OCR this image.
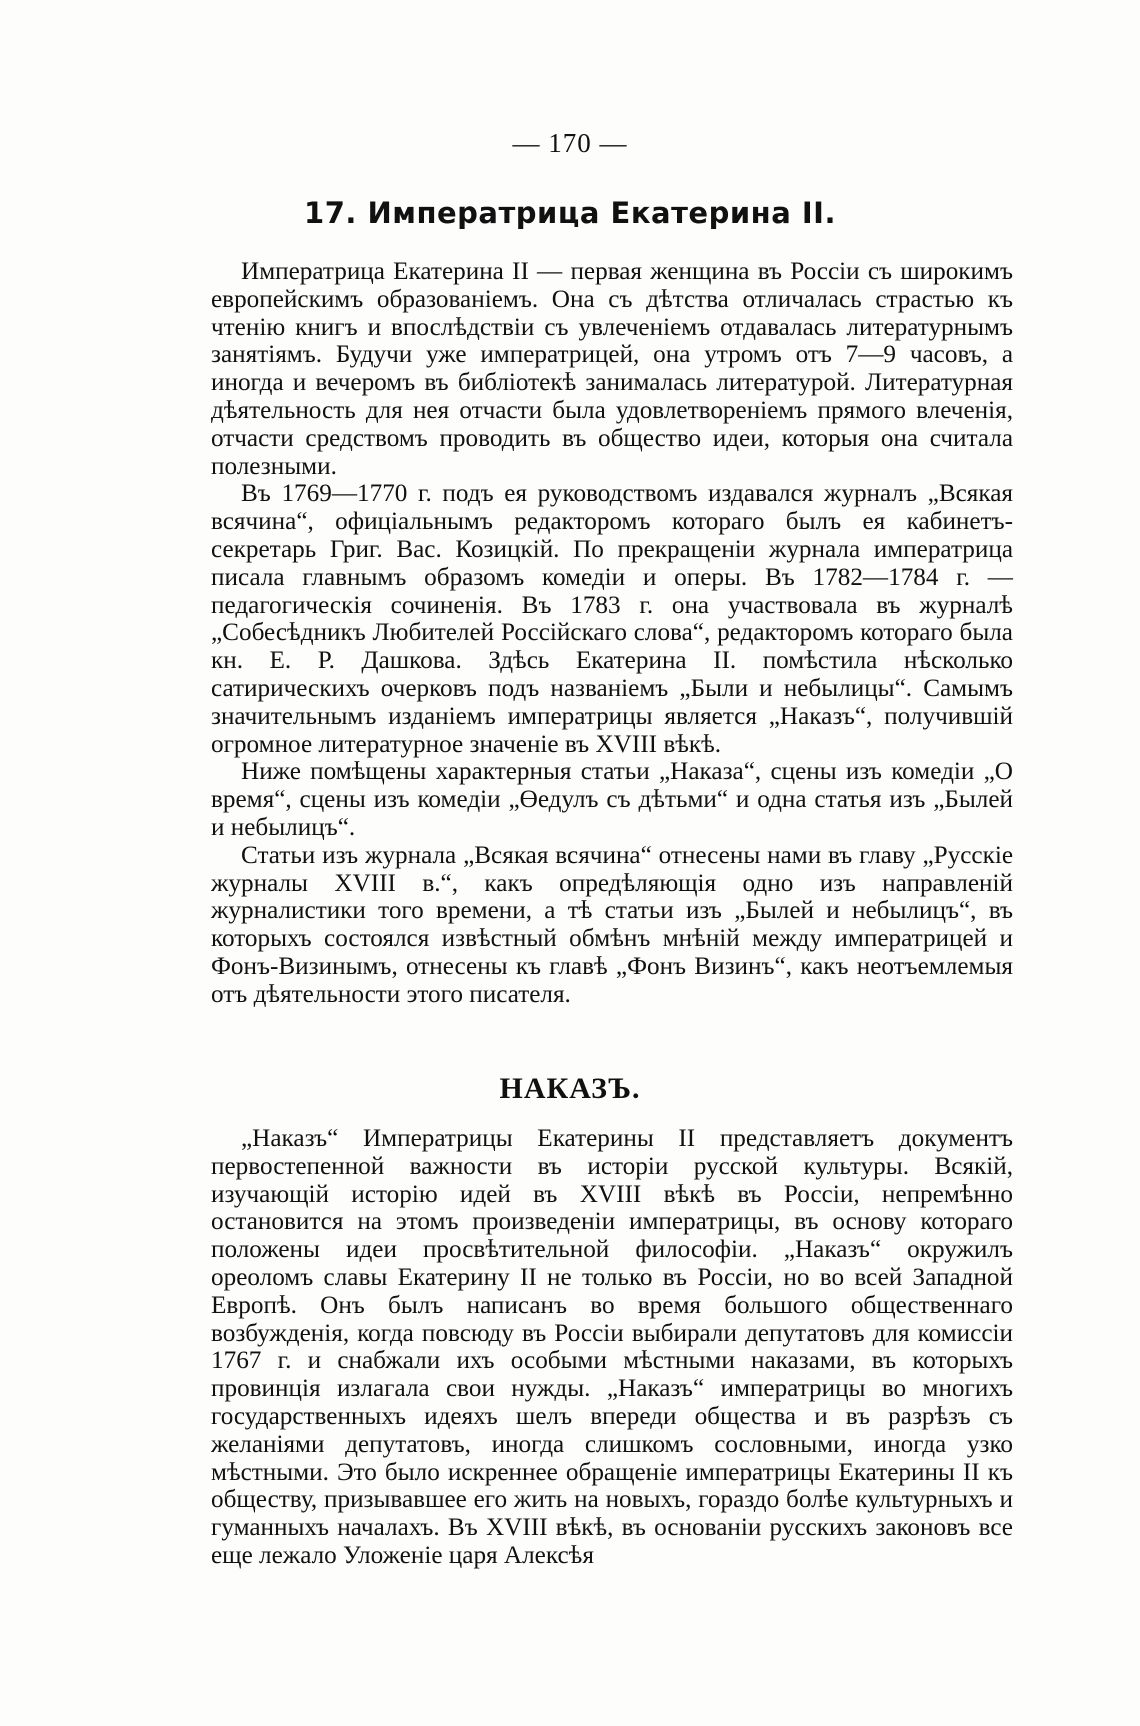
— 170 —
17. Императрица Екатерина II.

Императрица Екатерина II — первая женщина въ Россіи съ широкимъ европейскимъ образованіемъ. Она съ дѣтства отличалась страстью къ чтенію книгъ и впослѣдствіи съ увлеченіемъ отдавалась литературнымъ занятіямъ. Будучи уже императрицей, она утромъ отъ 7—9 часовъ, а иногда и вечеромъ въ библіотекѣ занималась литературой. Литературная дѣятельность для нея отчасти была удовлетвореніемъ прямого влеченія, отчасти средствомъ проводить въ общество идеи, которыя она считала полезными.

Въ 1769—1770 г. подъ ея руководствомъ издавался журналъ „Всякая всячина“, офиціальнымъ редакторомъ котораго былъ ея кабинетъ-секретарь Григ. Вас. Козицкій. По прекращеніи журнала императрица писала главнымъ образомъ комедіи и оперы. Въ 1782—1784 г. — педагогическія сочиненія. Въ 1783 г. она участвовала въ журналѣ „Собесѣдникъ Любителей Россійскаго слова“, редакторомъ котораго была кн. Е. Р. Дашкова. Здѣсь Екатерина II. помѣстила нѣсколько сатирическихъ очерковъ подъ названіемъ „Были и небылицы“. Самымъ значительнымъ изданіемъ императрицы является „Наказъ“, получившій огромное литературное значеніе въ XVIII вѣкѣ.

Ниже помѣщены характерныя статьи „Наказа“, сцены изъ комедіи „О время“, сцены изъ комедіи „Өедулъ съ дѣтьми“ и одна статья изъ „Былей и небылицъ“.

Статьи изъ журнала „Всякая всячина“ отнесены нами въ главу „Русскіе журналы XVIII в.“, какъ опредѣляющія одно изъ направленій журналистики того времени, а тѣ статьи изъ „Былей и небылицъ“, въ которыхъ состоялся извѣстный обмѣнъ мнѣній между императрицей и Фонъ-Визинымъ, отнесены къ главѣ „Фонъ Визинъ“, какъ неотъемлемыя отъ дѣятельности этого писателя.

НАКАЗЪ.

„Наказъ“ Императрицы Екатерины II представляетъ документъ первостепенной важности въ исторіи русской культуры. Всякій, изучающій исторію идей въ XVIII вѣкѣ въ Россіи, непремѣнно остановится на этомъ произведеніи императрицы, въ основу котораго положены идеи просвѣтительной философіи. „Наказъ“ окружилъ ореоломъ славы Екатерину II не только въ Россіи, но во всей Западной Европѣ. Онъ былъ написанъ во время большого общественнаго возбужденія, когда повсюду въ Россіи выбирали депутатовъ для комиссіи 1767 г. и снабжали ихъ особыми мѣстными наказами, въ которыхъ провинція излагала свои нужды. „Наказъ“ императрицы во многихъ государственныхъ идеяхъ шелъ впереди общества и въ разрѣзъ съ желаніями депутатовъ, иногда слишкомъ сословными, иногда узко мѣстными. Это было искреннее обращеніе императрицы Екатерины II къ обществу, призывавшее его жить на новыхъ, гораздо болѣе культурныхъ и гуманныхъ началахъ. Въ XVIII вѣкѣ, въ основаніи русскихъ законовъ все еще лежало Уложеніе царя Алексѣя
